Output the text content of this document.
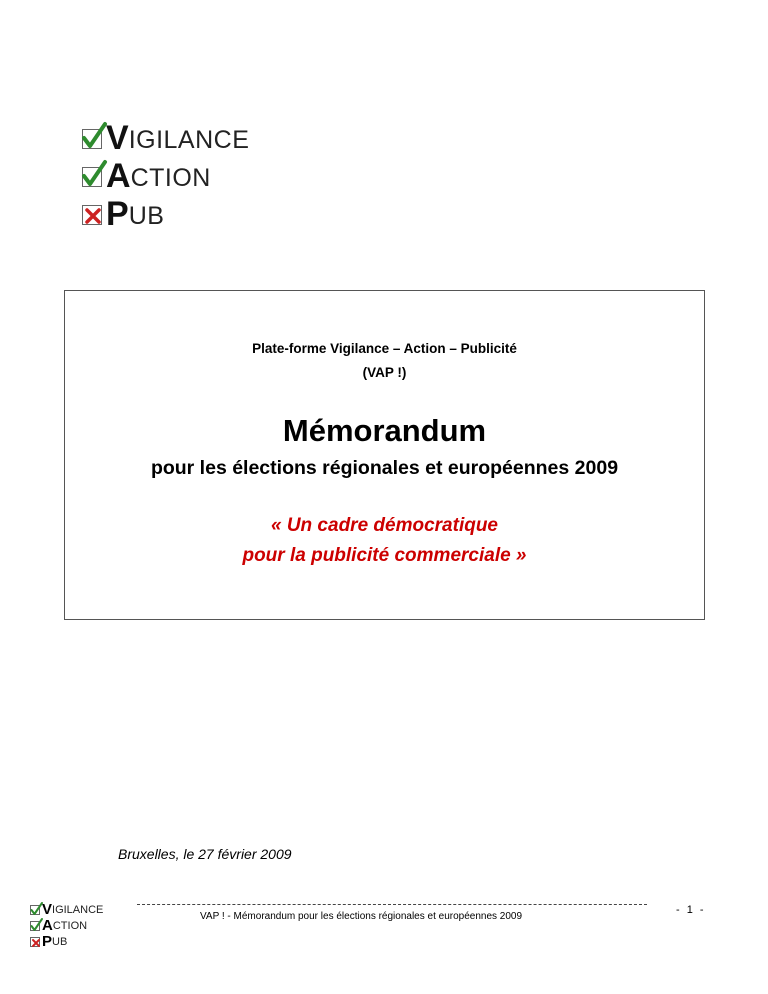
V IGILANCE
A CTION
P UB
Plate-forme Vigilance – Action – Publicité
(VAP !)
Mémorandum
pour les élections régionales et européennes 2009
« Un cadre démocratique
pour la publicité commerciale »
Bruxelles, le 27 février 2009
V IGILANCE
A CTION
P UB
VAP ! - Mémorandum pour les élections régionales et européennes 2009
- 1 -
